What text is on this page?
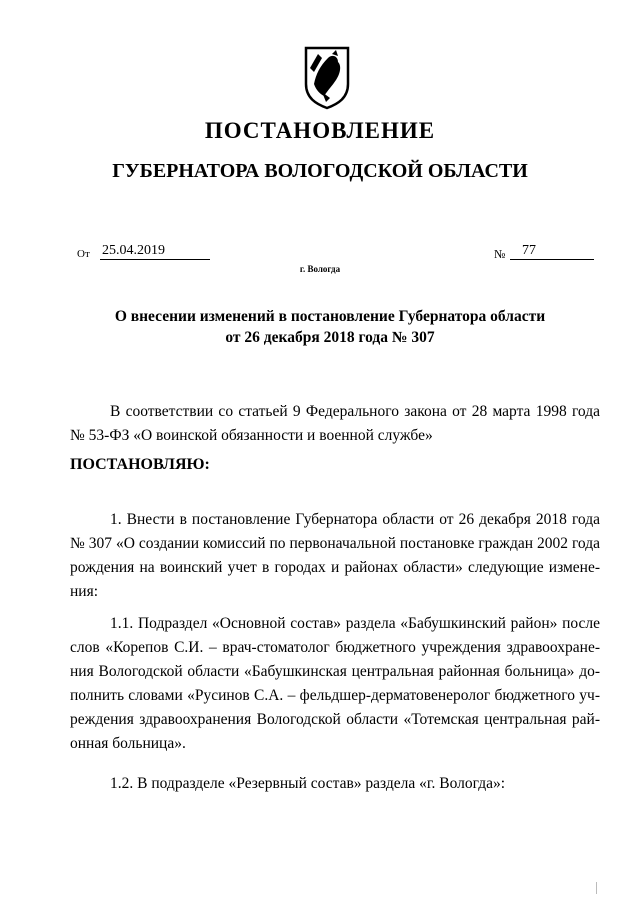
ПОСТАНОВЛЕНИЕ
ГУБЕРНАТОРА ВОЛОГОДСКОЙ ОБЛАСТИ
От 25.04.2019	№	77
г. Вологда
О внесении изменений в постановление Губернатора области
от 26 декабря 2018 года № 307
В соответствии со статьей 9 Федерального закона от 28 марта 1998 года
№ 53-ФЗ «О воинской обязанности и военной службе»
ПОСТАНОВЛЯЮ:
1. Внести в постановление Губернатора области от 26 декабря 2018 года
№ 307 «О создании комиссий по первоначальной постановке граждан 2002 года
рождения на воинский учет в городах и районах области» следующие измене-
ния:
1.1. Подраздел «Основной состав» раздела «Бабушкинский район» после
слов «Корепов С.И. – врач-стоматолог бюджетного учреждения здравоохране-
ния Вологодской области «Бабушкинская центральная районная больница» до-
полнить словами «Русинов С.А. – фельдшер-дерматовенеролог бюджетного уч-
реждения здравоохранения Вологодской области «Тотемская центральная рай-
онная больница».
1.2. В подразделе «Резервный состав» раздела «г. Вологда»:
